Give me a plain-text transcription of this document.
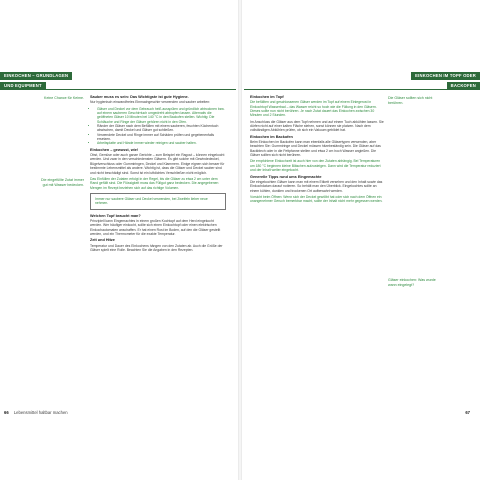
EINKOCHEN – GRUNDLAGEN
UND EQUIPMENT
Keine Chance für Keime.
Die eingefüllte Zutat immer gut mit Wasser bedecken.
Sauber muss es sein: Das Wichtigste ist gute Hygiene.

Nur hygienisch einwandfreies Einmachgeschirr verwenden und sauber arbeiten:

• Gläser und Deckel vor dem Gebrauch heiß ausspülen und gründlich abtrocknen bzw. auf einem sauberen Geschirrtuch umgedreht abtropfen lassen. Alternativ die geöffneten Gläser 10 Minuten bei 140 °C in den Backofen stellen. Wichtig: Die Schläuche und Ringe der Gläser gehören nicht in den Ofen.
• Ränder der Gläser nach dem Befüllen mit einem sauberen, feuchten Küchentuch abwischen, damit Deckel und Gläser gut schließen.
• Verwendete Deckel und Ringe immer auf Schäden prüfen und gegebenenfalls ersetzen.
• Arbeitsplatte und Hände immer wieder reinigen und sauber halten.
Einkochen – gewusst, wie!

Obst, Gemüse oder auch ganze Gerichte – zum Beispiel ein Ragout – können eingekocht werden. Und zwar in den verschiedensten Gläsern. Es gibt solche mit Gewindedeckel, Bügelverschluss oder Gummiringen, Deckel und Klammern. Einige eignen sich besser für bestimmte Lebensmittel als andere. Wichtig ist, dass die Gläser und Deckel sauber sind und nicht beschädigt sind. Sonst ist ein luftdichtes Verschließen nicht möglich.

Das Einfüllen der Zutaten erfolgt in der Regel, bis die Gläser zu etwa 2 cm unter dem Rand gefüllt sind. Die Flüssigkeit muss das Füllgut ganz bedecken. Die angegebenen Mengen im Rezept beziehen sich auf das richtige Volumen.

Immer nur saubere Gläser und Deckel verwenden, bei Zweifeln lieber neue nehmen.
Welchen Topf braucht man?

Prinzipiell kann Eingemachtes in einem großen Kochtopf auf dem Herd eingekocht werden. Wer häufiger einkocht, sollte sich einen Einkochtopf oder einen elektrischen Einkochautomaten anschaffen. Er hat einen Rost im Boden, auf den die Gläser gestellt werden, und ein Thermometer für die exakte Temperatur.

Zeit und Hitze

Temperatur und Dauer des Einkochens hängen von den Zutaten ab. Auch die Größe der Gläser spielt eine Rolle. Beachten Sie die Angaben in den Rezepten.

66 Lebensmittel haltbar machen
EINKOCHEN IM TOPF ODER
BACKOFEN
Die Gläser sollten sich nicht berühren.
Gläser einkochen: Was wurde wann eingelegt?
Einkochen im Topf

Die befüllten und geschlossenen Gläser werden im Topf auf einem Einlegerost in Einkochtopf Wasserbad – das Wasser reicht so hoch wie die Füllung in den Gläsern. Dieses sollte nun nicht berühren. Je nach Zutat dauert das Einkochen zwischen 30 Minuten und 2 Stunden.

Im Anschluss die Gläser aus dem Topf nehmen und auf einem Tuch abkühlen lassen. Sie dürfen nicht auf einer kalten Fläche stehen, sonst können sie platzen. Nach dem vollständigen Abkühlen prüfen, ob sich ein Vakuum gebildet hat.

Einkochen im Backofen

Beim Einkochen im Backofen kann man ebenfalls alle Gläsertypen verwenden, aber beachten Sie: Gummiringe und Deckel müssen hitzebeständig sein. Die Gläser auf das Backblech oder in die Fettpfanne stellen und etwa 2 cm hoch Wasser angießen. Die Gläser sollten sich nicht berühren.

Die empfohlene Einkochzeit ist auch hier von den Zutaten abhängig. Bei Temperaturen um 180 °C beginnen kleine Bläschen aufzusteigen. Dann wird die Temperatur reduziert und der Inhalt weiter eingekocht.

Generelle Tipps rund ums Eingemachte

Die eingekochten Gläser kann man mit einem Etikett versehen und den Inhalt sowie das Einkochdatum darauf notieren. So behält man den Überblick. Eingekochtes sollte an einem kühlen, dunklen und trockenen Ort aufbewahrt werden.

Vorsicht beim Öffnen: Wenn sich der Deckel gewölbt hat oder sich nach dem Öffnen ein unangenehmer Geruch bemerkbar macht, sollte der Inhalt nicht mehr gegessen werden.

67
